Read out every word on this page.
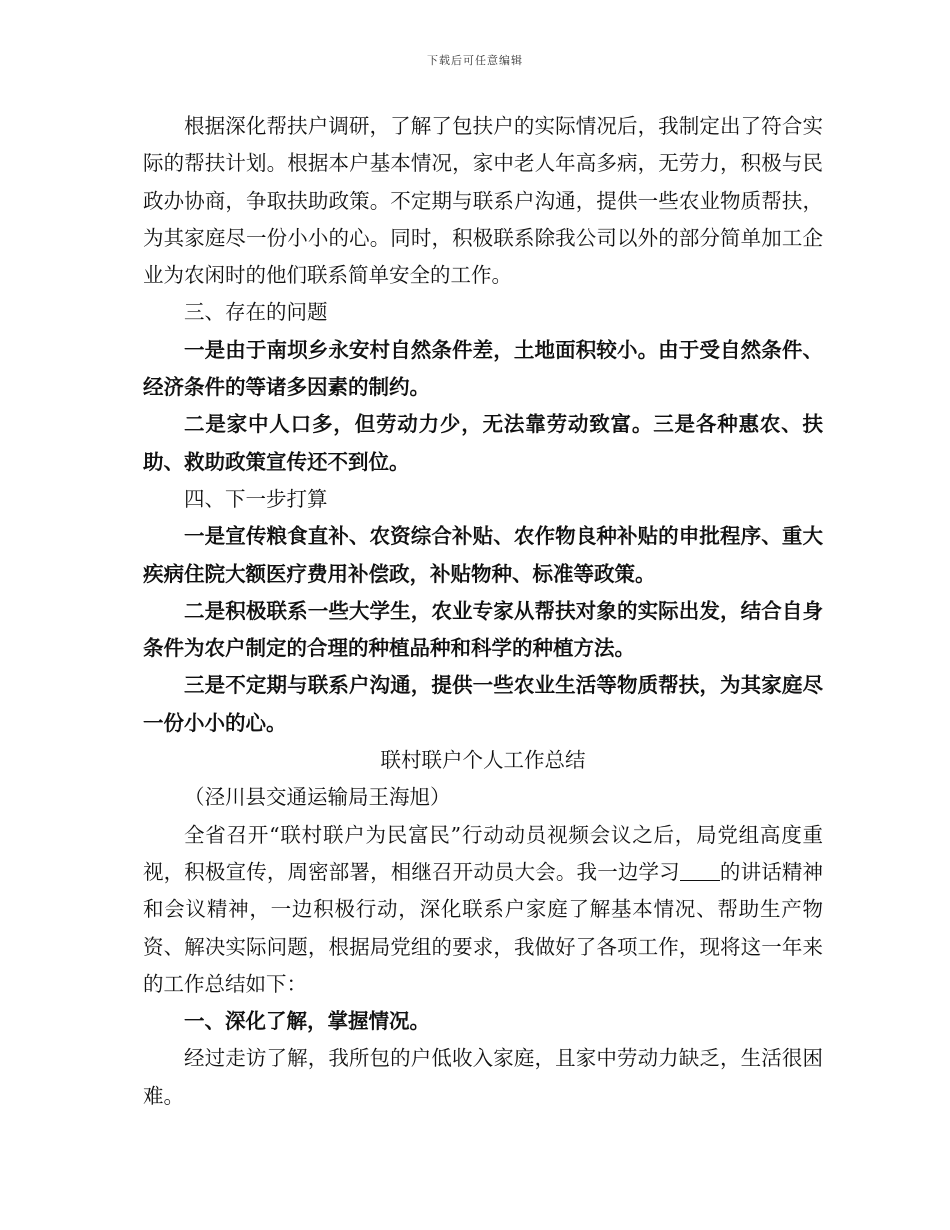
下载后可任意编辑

根据深化帮扶户调研，了解了包扶户的实际情况后，我制定出了符合实际的帮扶计划。根据本户基本情况，家中老人年高多病，无劳力，积极与民政办协商，争取扶助政策。不定期与联系户沟通，提供一些农业物质帮扶，为其家庭尽一份小小的心。同时，积极联系除我公司以外的部分简单加工企业为农闲时的他们联系简单安全的工作。

三、存在的问题

一是由于南坝乡永安村自然条件差，土地面积较小。由于受自然条件、经济条件的等诸多因素的制约。

二是家中人口多，但劳动力少，无法靠劳动致富。三是各种惠农、扶助、救助政策宣传还不到位。

四、下一步打算

一是宣传粮食直补、农资综合补贴、农作物良种补贴的申批程序、重大疾病住院大额医疗费用补偿政，补贴物种、标准等政策。

二是积极联系一些大学生，农业专家从帮扶对象的实际出发，结合自身条件为农户制定的合理的种植品种和科学的种植方法。

三是不定期与联系户沟通，提供一些农业生活等物质帮扶，为其家庭尽一份小小的心。

联村联户个人工作总结

（泾川县交通运输局王海旭）

全省召开“联村联户为民富民”行动动员视频会议之后，局党组高度重视，积极宣传，周密部署，相继召开动员大会。我一边学习 的讲话精神和会议精神，一边积极行动，深化联系户家庭了解基本情况、帮助生产物资、解决实际问题，根据局党组的要求，我做好了各项工作，现将这一年来的工作总结如下：

一、深化了解，掌握情况。

经过走访了解，我所包的户低收入家庭，且家中劳动力缺乏，生活很困难。
